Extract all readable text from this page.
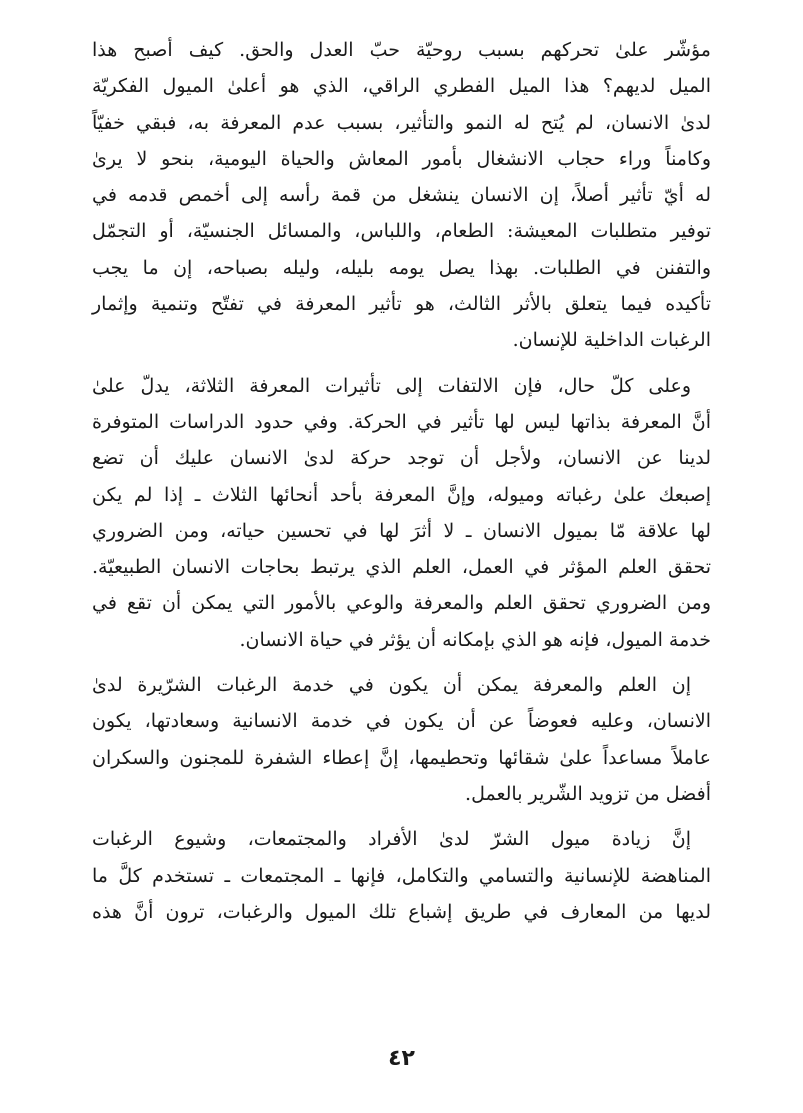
مؤشّر علىٰ تحركهم بسبب روحيّة حبّ العدل والحق. كيف أصبح هذا
الميل لديهم؟ هذا الميل الفطري الراقي، الذي هو أعلىٰ الميول الفكريّة
لدىٰ الانسان، لم يُتح له النمو والتأثير، بسبب عدم المعرفة به، فبقي خفيّاً
وكامناً وراء حجاب الانشغال بأمور المعاش والحياة اليومية، بنحو لا يرىٰ
له أيّ تأثير أصلاً، إن الانسان ينشغل من قمة رأسه إلى أخمص قدمه في
توفير متطلبات المعيشة: الطعام، واللباس، والمسائل الجنسيّة، أو التجمّل
والتفنن في الطلبات. بهذا يصل يومه بليله، وليله بصباحه، إن ما يجب
تأكيده فيما يتعلق بالأثر الثالث، هو تأثير المعرفة في تفتّح وتنمية وإثمار
الرغبات الداخلية للإنسان.
وعلى كلّ حال، فإن الالتفات إلى تأثيرات المعرفة الثلاثة، يدلّ علىٰ
أنَّ المعرفة بذاتها ليس لها تأثير في الحركة. وفي حدود الدراسات المتوفرة
لدينا عن الانسان، ولأجل أن توجد حركة لدىٰ الانسان عليك أن تضع
إصبعك علىٰ رغباته وميوله، وإنَّ المعرفة بأحد أنحائها الثلاث ـ إذا لم يكن
لها علاقة مّا بميول الانسان ـ لا أثرَ لها في تحسين حياته، ومن الضروري
تحقق العلم المؤثر في العمل، العلم الذي يرتبط بحاجات الانسان الطبيعيّة.
ومن الضروري تحقق العلم والمعرفة والوعي بالأمور التي يمكن أن تقع في
خدمة الميول، فإنه هو الذي بإمكانه أن يؤثر في حياة الانسان.
إن العلم والمعرفة يمكن أن يكون في خدمة الرغبات الشرّيرة لدىٰ
الانسان، وعليه فعوضاً عن أن يكون في خدمة الانسانية وسعادتها، يكون
عاملاً مساعداً علىٰ شقائها وتحطيمها، إنَّ إعطاء الشفرة للمجنون والسكران
أفضل من تزويد الشّرير بالعمل.
إنَّ زيادة ميول الشرّ لدىٰ الأفراد والمجتمعات، وشيوع الرغبات
المناهضة للإنسانية والتسامي والتكامل، فإنها ـ المجتمعات ـ تستخدم كلَّ ما
لديها من المعارف في طريق إشباع تلك الميول والرغبات، ترون أنَّ هذه
٤٢
